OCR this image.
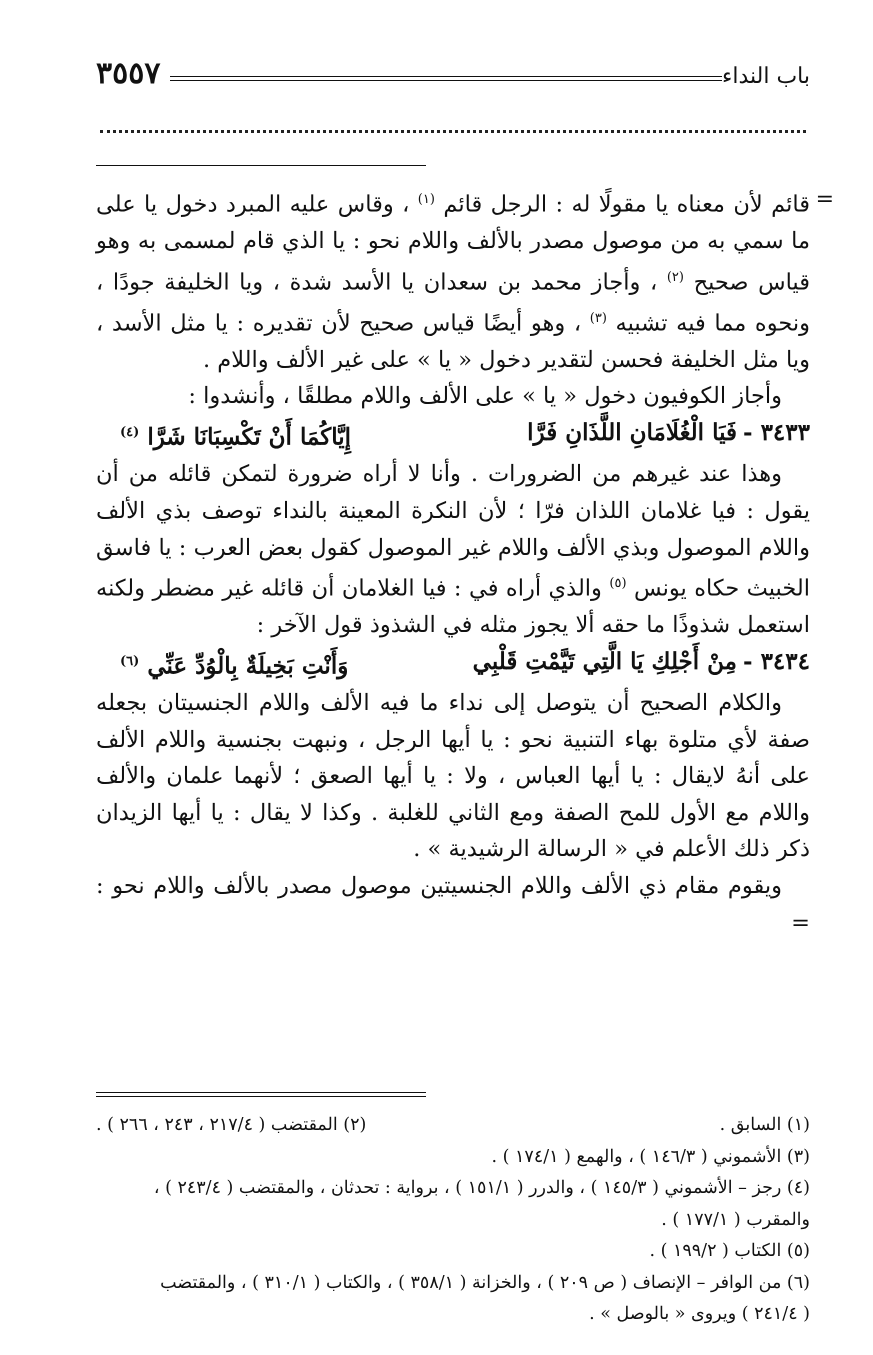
باب النداء
٣٥٥٧
=

قائم لأن معناه يا مقولًا له : الرجل قائم $^{(١)}$ ، وقاس عليه المبرد دخول يا على ما سمي به من موصول مصدر بالألف واللام نحو : يا الذي قام لمسمى به وهو قياس صحيح $^{(٢)}$ ، وأجاز محمد بن سعدان يا الأسد شدة ، ويا الخليفة جودًا ، ونحوه مما فيه تشبيه $^{(٣)}$ ، وهو أيضًا قياس صحيح لأن تقديره : يا مثل الأسد ، ويا مثل الخليفة فحسن لتقدير دخول « يا » على غير الألف واللام .

وأجاز الكوفيون دخول « يا » على الألف واللام مطلقًا ، وأنشدوا :

٣٤٣٣ -فَيَا الْغُلَامَانِ اللَّذَانِ فَرَّا
إِيَّاكُمَا أَنْ تَكْسِبَانَا شَرَّا $^{(٤)}$

وهذا عند غيرهم من الضرورات . وأنا لا أراه ضرورة لتمكن قائله من أن يقول : فيا غلامان اللذان فرّا ؛ لأن النكرة المعينة بالنداء توصف بذي الألف واللام الموصول وبذي الألف واللام غير الموصول كقول بعض العرب : يا فاسق الخبيث حكاه يونس $^{(٥)}$ والذي أراه في : فيا الغلامان أن قائله غير مضطر ولكنه استعمل شذوذًا ما حقه ألا يجوز مثله في الشذوذ قول الآخر :

٣٤٣٤ -مِنْ أَجْلِكِ يَا الَّتِي تَيَّمْتِ قَلْبِي
وَأَنْتِ بَخِيلَةٌ بِالْوُدِّ عَنِّي $^{(٦)}$

والكلام الصحيح أن يتوصل إلى نداء ما فيه الألف واللام الجنسيتان بجعله صفة لأي متلوة بهاء التنبية نحو : يا أيها الرجل ، ونبهت بجنسية واللام الألف على أنهُ لايقال : يا أيها العباس ، ولا : يا أيها الصعق ؛ لأنهما علمان والألف واللام مع الأول للمح الصفة ومع الثاني للغلبة . وكذا لا يقال : يا أيها الزيدان ذكر ذلك الأعلم في « الرسالة الرشيدية » .

ويقوم مقام ذي الألف واللام الجنسيتين موصول مصدر بالألف واللام نحو : =

(١) السابق .
(٢) المقتضب ( ٢١٧/٤ ، ٢٤٣ ، ٢٦٦ ) .

(٣) الأشموني ( ١٤٦/٣ ) ، والهمع ( ١٧٤/١ ) .

(٤) رجز – الأشموني ( ١٤٥/٣ ) ، والدرر ( ١٥١/١ ) ، برواية : تحدثان ، والمقتضب ( ٢٤٣/٤ ) ،

والمقرب ( ١٧٧/١ ) .

(٥) الكتاب ( ١٩٩/٢ ) .

(٦) من الوافر – الإنصاف ( ص ٢٠٩ ) ، والخزانة ( ٣٥٨/١ ) ، والكتاب ( ٣١٠/١ ) ، والمقتضب

( ٢٤١/٤ ) ويروى « بالوصل » .
